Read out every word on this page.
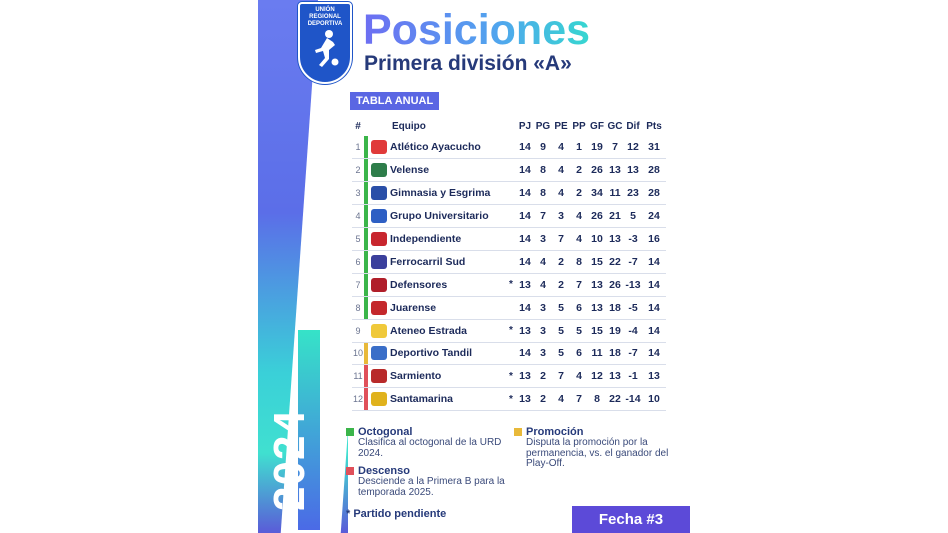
2024
UNIÓN
REGIONAL
DEPORTIVA Posiciones
Primera división «A»
TABLA ANUAL
#			Equipo		PJ	PG	PE	PP	GF	GC	Dif	Pts
1			Atlético Ayacucho		14	9	4	1	19	7	12	31
2			Velense		14	8	4	2	26	13	13	28
3			Gimnasia y Esgrima		14	8	4	2	34	11	23	28
4			Grupo Universitario		14	7	3	4	26	21	5	24
5			Independiente		14	3	7	4	10	13	-3	16
6			Ferrocarril Sud		14	4	2	8	15	22	-7	14
7			Defensores	*	13	4	2	7	13	26	-13	14
8			Juarense		14	3	5	6	13	18	-5	14
9			Ateneo Estrada	*	13	3	5	5	15	19	-4	14
10			Deportivo Tandil		14	3	5	6	11	18	-7	14
11			Sarmiento	*	13	2	7	4	12	13	-1	13
12			Santamarina	*	13	2	4	7	8	22	-14	10
Octogonal
Clasifica al octogonal de la URD 2024.
Promoción
Disputa la promoción por la permanencia, vs. el ganador del Play-Off.
Descenso
Desciende a la Primera B para la temporada 2025.
* Partido pendiente	Fecha #3
